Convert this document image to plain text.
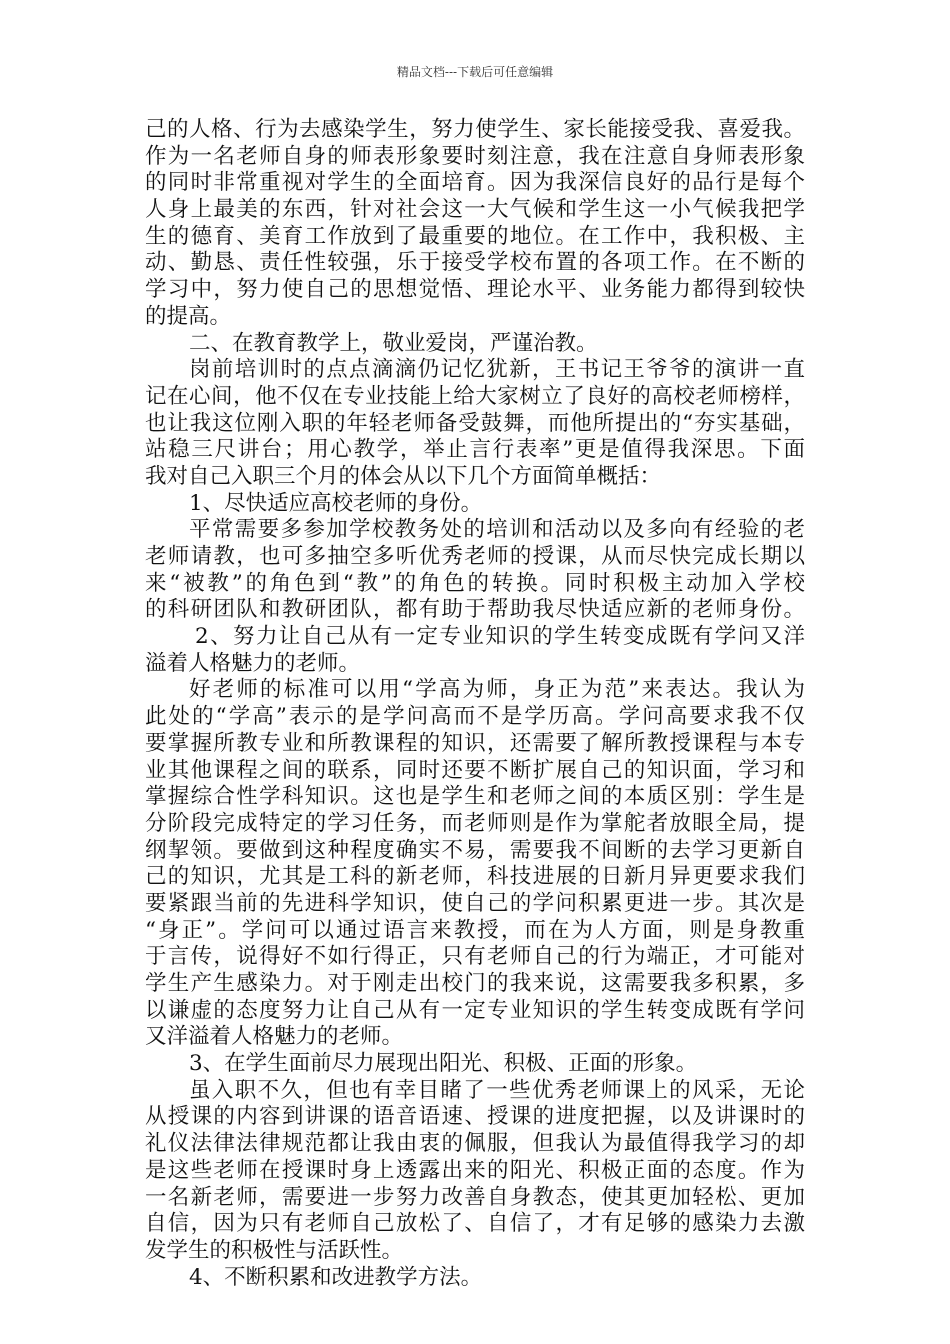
精品文档---下载后可任意编辑
己的人格、行为去感染学生，努力使学生、家长能接受我、喜爱我。
作为一名老师自身的师表形象要时刻注意，我在注意自身师表形象
的同时非常重视对学生的全面培育。因为我深信良好的品行是每个
人身上最美的东西，针对社会这一大气候和学生这一小气候我把学
生的德育、美育工作放到了最重要的地位。在工作中，我积极、主
动、勤恳、责任性较强，乐于接受学校布置的各项工作。在不断的
学习中，努力使自己的思想觉悟、理论水平、业务能力都得到较快
的提高。
二、在教育教学上，敬业爱岗，严谨治教。
岗前培训时的点点滴滴仍记忆犹新，王书记王爷爷的演讲一直
记在心间，他不仅在专业技能上给大家树立了良好的高校老师榜样，
也让我这位刚入职的年轻老师备受鼓舞，而他所提出的“夯实基础，
站稳三尺讲台；用心教学，举止言行表率”更是值得我深思。下面
我对自己入职三个月的体会从以下几个方面简单概括：
1、尽快适应高校老师的身份。
平常需要多参加学校教务处的培训和活动以及多向有经验的老
老师请教，也可多抽空多听优秀老师的授课，从而尽快完成长期以
来“被教”的角色到“教”的角色的转换。同时积极主动加入学校
的科研团队和教研团队，都有助于帮助我尽快适应新的老师身份。
2、努力让自己从有一定专业知识的学生转变成既有学问又洋
溢着人格魅力的老师。
好老师的标准可以用“学高为师，身正为范”来表达。我认为
此处的“学高”表示的是学问高而不是学历高。学问高要求我不仅
要掌握所教专业和所教课程的知识，还需要了解所教授课程与本专
业其他课程之间的联系，同时还要不断扩展自己的知识面，学习和
掌握综合性学科知识。这也是学生和老师之间的本质区别：学生是
分阶段完成特定的学习任务，而老师则是作为掌舵者放眼全局，提
纲挈领。要做到这种程度确实不易，需要我不间断的去学习更新自
己的知识，尤其是工科的新老师，科技进展的日新月异更要求我们
要紧跟当前的先进科学知识，使自己的学问积累更进一步。其次是
“身正”。学问可以通过语言来教授，而在为人方面，则是身教重
于言传，说得好不如行得正，只有老师自己的行为端正，才可能对
学生产生感染力。对于刚走出校门的我来说，这需要我多积累，多
以谦虚的态度努力让自己从有一定专业知识的学生转变成既有学问
又洋溢着人格魅力的老师。
3、在学生面前尽力展现出阳光、积极、正面的形象。
虽入职不久，但也有幸目睹了一些优秀老师课上的风采，无论
从授课的内容到讲课的语音语速、授课的进度把握，以及讲课时的
礼仪法律法律规范都让我由衷的佩服，但我认为最值得我学习的却
是这些老师在授课时身上透露出来的阳光、积极正面的态度。作为
一名新老师，需要进一步努力改善自身教态，使其更加轻松、更加
自信，因为只有老师自己放松了、自信了，才有足够的感染力去激
发学生的积极性与活跃性。
4、不断积累和改进教学方法。
